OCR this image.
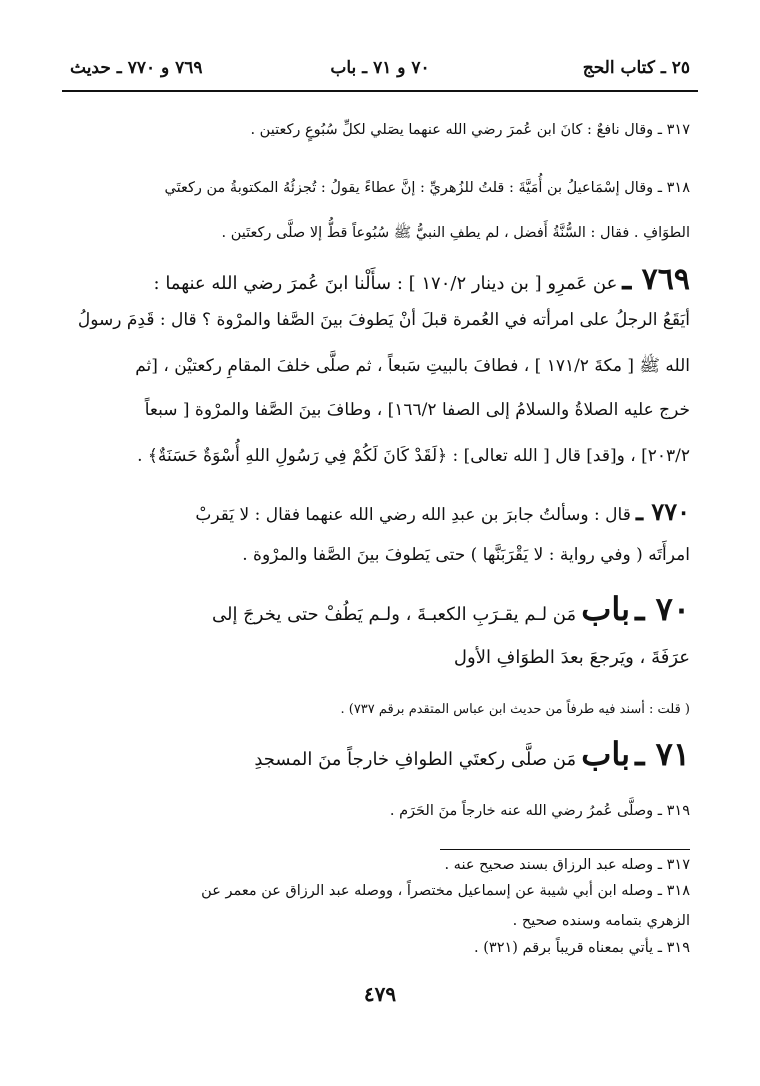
٢٥ ـ كتاب الحج
٧٠ و ٧١ ـ باب
٧٦٩ و ٧٧٠ ـ حديث
٣١٧ ـ وقال نافعٌ : كانَ ابن عُمرَ رضي الله عنهما يصَلي لكلِّ سُبُوعٍ ركعتين .
٣١٨ ـ وقال إسْمَاعيلُ بن أُمَيَّةَ : قلتُ للزُهريِّ : إنَّ عطاءً يقولُ : تُجزئُهُ المكتوبةُ من ركعتَي
الطوَافِ . فقال : السُّنَّةُ أَفضل ، لم يطفِ النبيُّ ﷺ سُبُوعاً قطُّ إلا صلَّى ركعتَين .
٧٦٩ ـ عن عَمرِو [ بن دينار ١٧٠/٢ ] : سأَلْنا ابنَ عُمرَ رضي الله عنهما :
أيَقَعُ الرجلُ على امرأته في العُمرة قبلَ أنْ يَطوفَ بينَ الصَّفا والمرْوة ؟ قال : قَدِمَ رسولُ
الله ﷺ [ مكةَ ١٧١/٢ ] ، فطافَ بالبيتِ سَبعاً ، ثم صلَّى خلفَ المقامِ ركعتيْن ، [ثم
خرج عليه الصلاةُ والسلامُ إلى الصفا ١٦٦/٢] ، وطافَ بينَ الصَّفا والمرْوة [ سبعاً
٢٠٣/٢] ، و[قد] قال [ الله تعالى] : ﴿لَقَدْ كَانَ لَكُمْ فِي رَسُولِ اللهِ أُسْوَةٌ حَسَنَةٌ﴾ .
٧٧٠ ـ قال : وسألتُ جابرَ بن عبدِ الله رضي الله عنهما فقال : لا يَقربْ
امرأَتَه ( وفي رواية : لا يَقْرَبَنَّها ) حتى يَطوفَ بينَ الصَّفا والمرْوة .
٧٠ ـ باب مَن لـم يقـرَبِ الكعبـةَ ، ولـم يَطُفْ حتى يخرجَ إلى
عرَفَةَ ، ويَرجعَ بعدَ الطوَافِ الأول
( قلت : أسند فيه طرفاً من حديث ابن عباس المتقدم برقم ٧٣٧) .
٧١ ـ باب مَن صلَّى ركعتَي الطوافِ خارجاً منَ المسجدِ
٣١٩ ـ وصلَّى عُمرُ رضي الله عنه خارجاً منَ الحَرَم .
٣١٧ ـ وصله عبد الرزاق بسند صحيح عنه .
٣١٨ ـ وصله ابن أبي شيبة عن إسماعيل مختصراً ، ووصله عبد الرزاق عن معمر عن
الزهري بتمامه وسنده صحيح .
٣١٩ ـ يأتي بمعناه قريباً برقم (٣٢١) .
٤٧٩
